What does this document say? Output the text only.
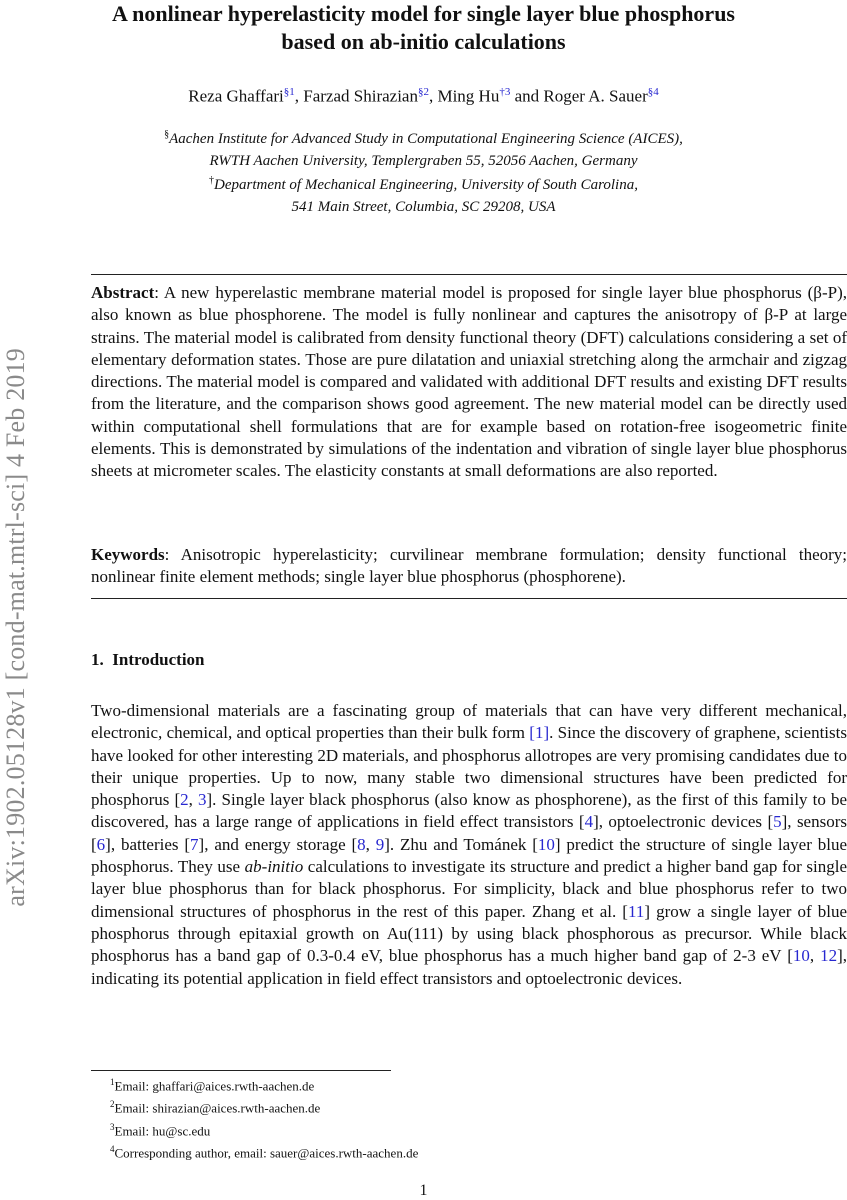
arXiv:1902.05128v1 [cond-mat.mtrl-sci] 4 Feb 2019
A nonlinear hyperelasticity model for single layer blue phosphorus based on ab-initio calculations
Reza Ghaffari$^{\S 1}$, Farzad Shirazian$^{\S 2}$, Ming Hu$^{\dagger 3}$ and Roger A. Sauer$^{\S 4}$
§Aachen Institute for Advanced Study in Computational Engineering Science (AICES),
RWTH Aachen University, Templergraben 55, 52056 Aachen, Germany
†Department of Mechanical Engineering, University of South Carolina,
541 Main Street, Columbia, SC 29208, USA
Abstract: A new hyperelastic membrane material model is proposed for single layer blue phosphorus (β-P), also known as blue phosphorene. The model is fully nonlinear and captures the anisotropy of β-P at large strains. The material model is calibrated from density functional theory (DFT) calculations considering a set of elementary deformation states. Those are pure dilatation and uniaxial stretching along the armchair and zigzag directions. The material model is compared and validated with additional DFT results and existing DFT results from the literature, and the comparison shows good agreement. The new material model can be directly used within computational shell formulations that are for example based on rotation-free isogeometric finite elements. This is demonstrated by simulations of the indentation and vibration of single layer blue phosphorus sheets at micrometer scales. The elasticity constants at small deformations are also reported.
Keywords: Anisotropic hyperelasticity; curvilinear membrane formulation; density functional theory; nonlinear finite element methods; single layer blue phosphorus (phosphorene).
1. Introduction
Two-dimensional materials are a fascinating group of materials that can have very different mechanical, electronic, chemical, and optical properties than their bulk form [1]. Since the discovery of graphene, scientists have looked for other interesting 2D materials, and phosphorus allotropes are very promising candidates due to their unique properties. Up to now, many stable two dimensional structures have been predicted for phosphorus [2, 3]. Single layer black phosphorus (also know as phosphorene), as the first of this family to be discovered, has a large range of applications in field effect transistors [4], optoelectronic devices [5], sensors [6], batteries [7], and energy storage [8, 9]. Zhu and Tománek [10] predict the structure of single layer blue phosphorus. They use ab-initio calculations to investigate its structure and predict a higher band gap for single layer blue phosphorus than for black phosphorus. For simplicity, black and blue phosphorus refer to two dimensional structures of phosphorus in the rest of this paper. Zhang et al. [11] grow a single layer of blue phosphorus through epitaxial growth on Au(111) by using black phosphorous as precursor. While black phosphorus has a band gap of 0.3-0.4 eV, blue phosphorus has a much higher band gap of 2-3 eV [10, 12], indicating its potential application in field effect transistors and optoelectronic devices.
$^1$Email: ghaffari@aices.rwth-aachen.de
$^2$Email: shirazian@aices.rwth-aachen.de
$^3$Email: hu@sc.edu
$^4$Corresponding author, email: sauer@aices.rwth-aachen.de
1
